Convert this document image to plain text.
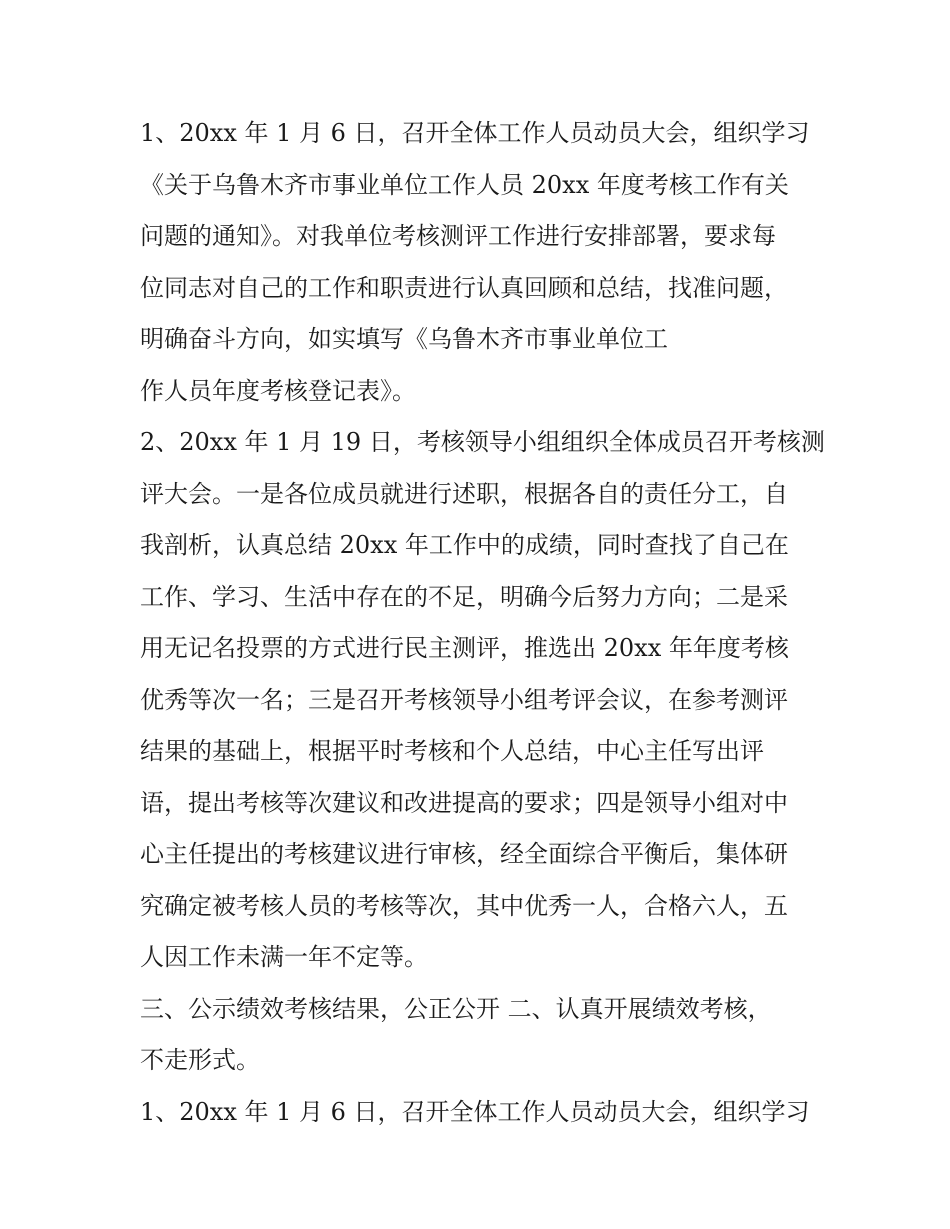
1、20xx 年 1 月 6 日，召开全体工作人员动员大会，组织学习
《关于乌鲁木齐市事业单位工作人员 20xx 年度考核工作有关
问题的通知》。对我单位考核测评工作进行安排部署，要求每
位同志对自己的工作和职责进行认真回顾和总结，找准问题，
明确奋斗方向，如实填写《乌鲁木齐市事业单位工
作人员年度考核登记表》。
2、20xx 年 1 月 19 日，考核领导小组组织全体成员召开考核测
评大会。一是各位成员就进行述职，根据各自的责任分工，自
我剖析，认真总结 20xx 年工作中的成绩，同时查找了自己在
工作、学习、生活中存在的不足，明确今后努力方向；二是采
用无记名投票的方式进行民主测评，推选出 20xx 年年度考核
优秀等次一名；三是召开考核领导小组考评会议，在参考测评
结果的基础上，根据平时考核和个人总结，中心主任写出评
语，提出考核等次建议和改进提高的要求；四是领导小组对中
心主任提出的考核建议进行审核，经全面综合平衡后，集体研
究确定被考核人员的考核等次，其中优秀一人，合格六人，五
人因工作未满一年不定等。
三、公示绩效考核结果，公正公开 二、认真开展绩效考核，
不走形式。
1、20xx 年 1 月 6 日，召开全体工作人员动员大会，组织学习
